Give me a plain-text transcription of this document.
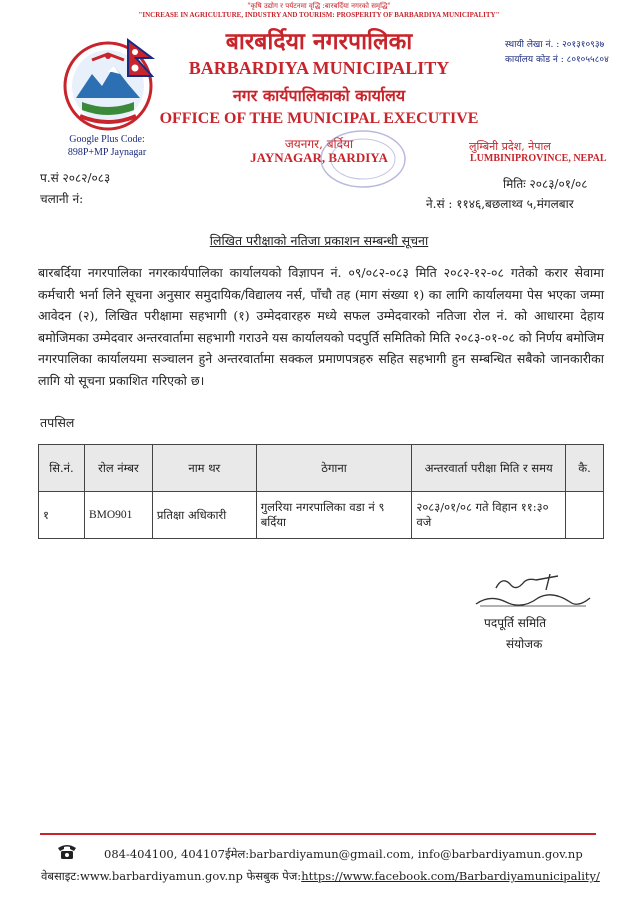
"कृषि उद्योग र पर्यटनमा वृद्धि :बारबर्दिया नगरको समृद्धि"
"INCREASE IN AGRICULTURE, INDUSTRY AND TOURISM: PROSPERITY OF BARBARDIYA MUNICIPALITY"
बारबर्दिया नगरपालिका
BARBARDIYA MUNICIPALITY
नगर कार्यपालिकाको कार्यालय
OFFICE OF THE MUNICIPAL EXECUTIVE
जयनगर, बर्दिया
JAYNAGAR, BARDIYA
स्थायी लेखा नं. : २०१३१०९३७
कार्यालय कोड नं : ८०१०५५८०४
लुम्बिनी प्रदेश, नेपाल
LUMBINIPROVINCE, NEPAL
Google Plus Code:
898P+MP Jaynagar
प.सं २०८२/०८३
चलानी नं:
मितिः २०८३/०१/०८
ने.सं : ११४६,बछलाथ्व ५,मंगलबार
लिखित परीक्षाको नतिजा प्रकाशन सम्बन्धी सूचना
बारबर्दिया नगरपालिका नगरकार्यपालिका कार्यालयको विज्ञापन नं. ०९/०८२-०८३ मिति २०८२-१२-०८ गतेको करार सेवामा कर्मचारी भर्ना लिने सूचना अनुसार समुदायिक/विद्यालय नर्स, पाँचौ तह (माग संख्या १) का लागि कार्यालयमा पेस भएका जम्मा आवेदन (२), लिखित परीक्षामा सहभागी (१) उम्मेदवारहरु मध्ये सफल उम्मेदवारको नतिजा रोल नं. को आधारमा देहाय बमोजिमका उम्मेदवार अन्तरवार्तामा सहभागी गराउने यस कार्यालयको पदपुर्ति समितिको मिति २०८३-०१-०८ को निर्णय बमोजिम नगरपालिका कार्यालयमा सञ्चालन हुने अन्तरवार्तामा सक्कल प्रमाणपत्रहरु सहित सहभागी हुन सम्बन्धित सबैको जानकारीका लागि यो सूचना प्रकाशित गरिएको छ।
तपसिल
सि.नं.	रोल नंम्बर	नाम थर	ठेगाना	अन्तरवार्ता परीक्षा मिति र समय	कै.
१	BMO901	प्रतिक्षा अधिकारी	गुलरिया नगरपालिका वडा नं ९ बर्दिया	२०८३/०१/०८ गते विहान ११:३० वजे	
पदपूर्ति समिति
संयोजक
084-404100, 404107ईमेल:barbardiyamun@gmail.com, info@barbardiyamun.gov.np
वेबसाइट:www.barbardiyamun.gov.np फेसबुक पेज:https://www.facebook.com/Barbardiyamunicipality/
